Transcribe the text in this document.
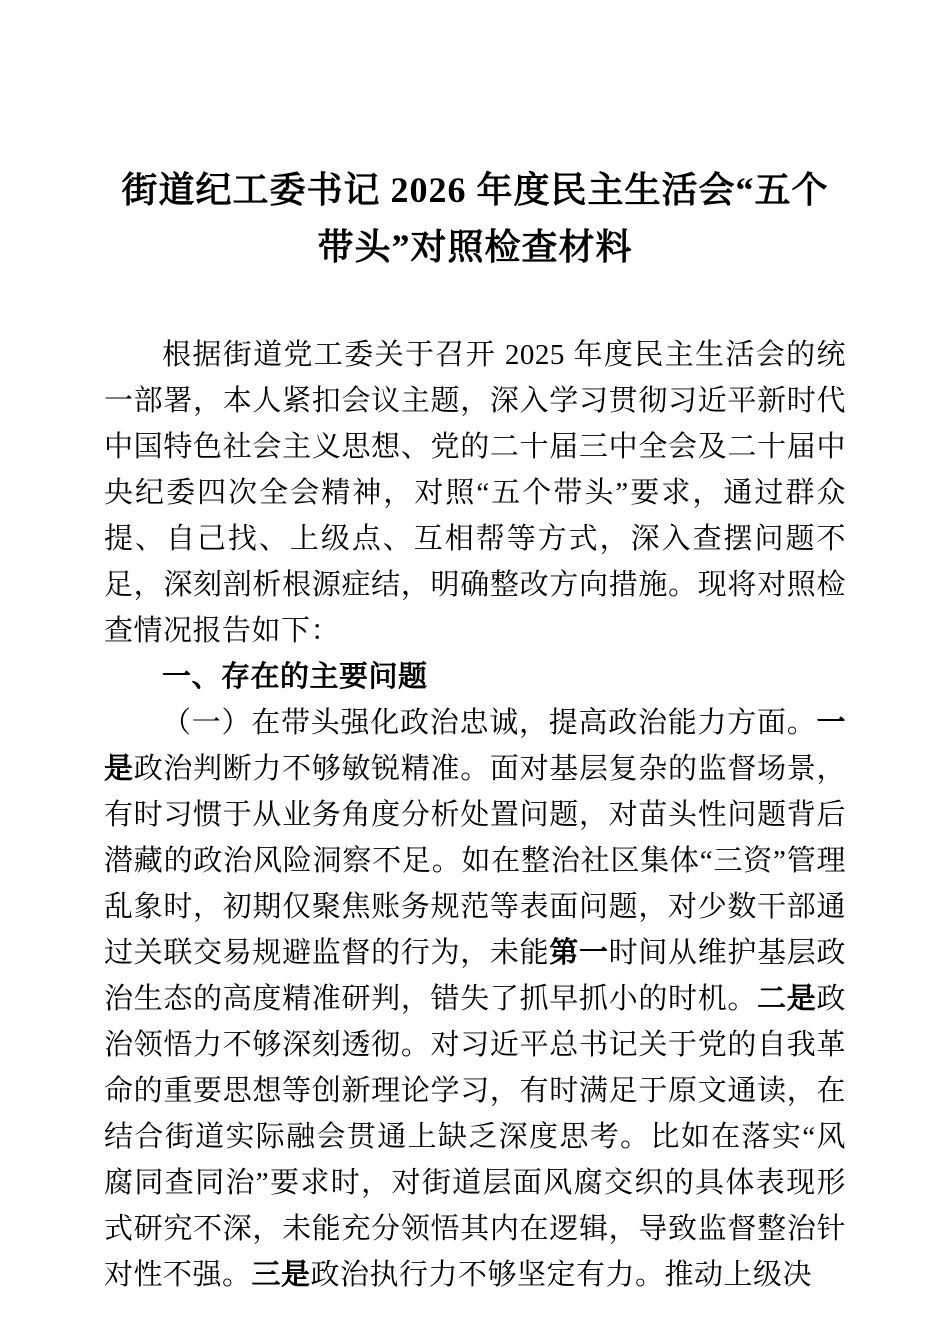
街道纪工委书记 2026 年度民主生活会“五个
带头”对照检查材料

根据街道党工委关于召开 2025 年度民主生活会的统一部署，本人紧扣会议主题，深入学习贯彻习近平新时代中国特色社会主义思想、党的二十届三中全会及二十届中央纪委四次全会精神，对照“五个带头”要求，通过群众提、自己找、上级点、互相帮等方式，深入查摆问题不足，深刻剖析根源症结，明确整改方向措施。现将对照检查情况报告如下：

一、存在的主要问题

（一）在带头强化政治忠诚，提高政治能力方面。一是政治判断力不够敏锐精准。面对基层复杂的监督场景，有时习惯于从业务角度分析处置问题，对苗头性问题背后潜藏的政治风险洞察不足。如在整治社区集体“三资”管理乱象时，初期仅聚焦账务规范等表面问题，对少数干部通过关联交易规避监督的行为，未能第一时间从维护基层政治生态的高度精准研判，错失了抓早抓小的时机。二是政治领悟力不够深刻透彻。对习近平总书记关于党的自我革命的重要思想等创新理论学习，有时满足于原文通读，在结合街道实际融会贯通上缺乏深度思考。比如在落实“风腐同查同治”要求时，对街道层面风腐交织的具体表现形式研究不深，未能充分领悟其内在逻辑，导致监督整治针对性不强。三是政治执行力不够坚定有力。推动上级决
